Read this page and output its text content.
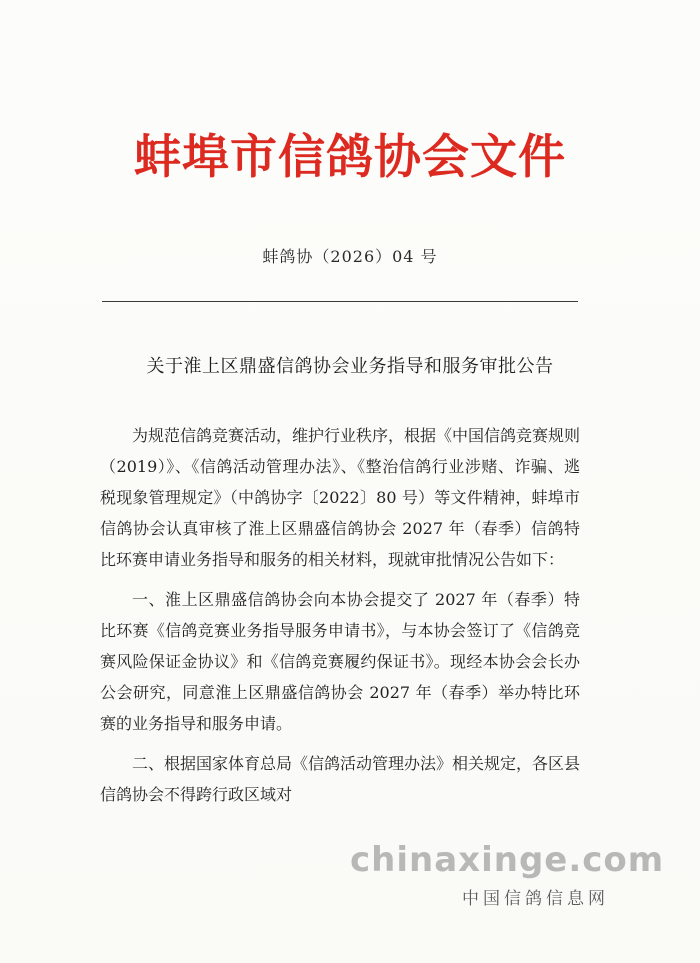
蚌埠市信鸽协会文件
蚌鸽协（2026）04 号
关于淮上区鼎盛信鸽协会业务指导和服务审批公告

为规范信鸽竞赛活动，维护行业秩序，根据《中国信鸽竞赛规则（2019）》、《信鸽活动管理办法》、《整治信鸽行业涉赌、诈骗、逃税现象管理规定》（中鸽协字〔2022〕80 号）等文件精神，蚌埠市信鸽协会认真审核了淮上区鼎盛信鸽协会 2027 年（春季）信鸽特比环赛申请业务指导和服务的相关材料，现就审批情况公告如下：

一、淮上区鼎盛信鸽协会向本协会提交了 2027 年（春季）特比环赛《信鸽竞赛业务指导服务申请书》，与本协会签订了《信鸽竞赛风险保证金协议》和《信鸽竞赛履约保证书》。现经本协会会长办公会研究，同意淮上区鼎盛信鸽协会 2027 年（春季）举办特比环赛的业务指导和服务申请。

二、根据国家体育总局《信鸽活动管理办法》相关规定，各区县信鸽协会不得跨行政区域对

chinaxinge.com
中国信鸽信息网
